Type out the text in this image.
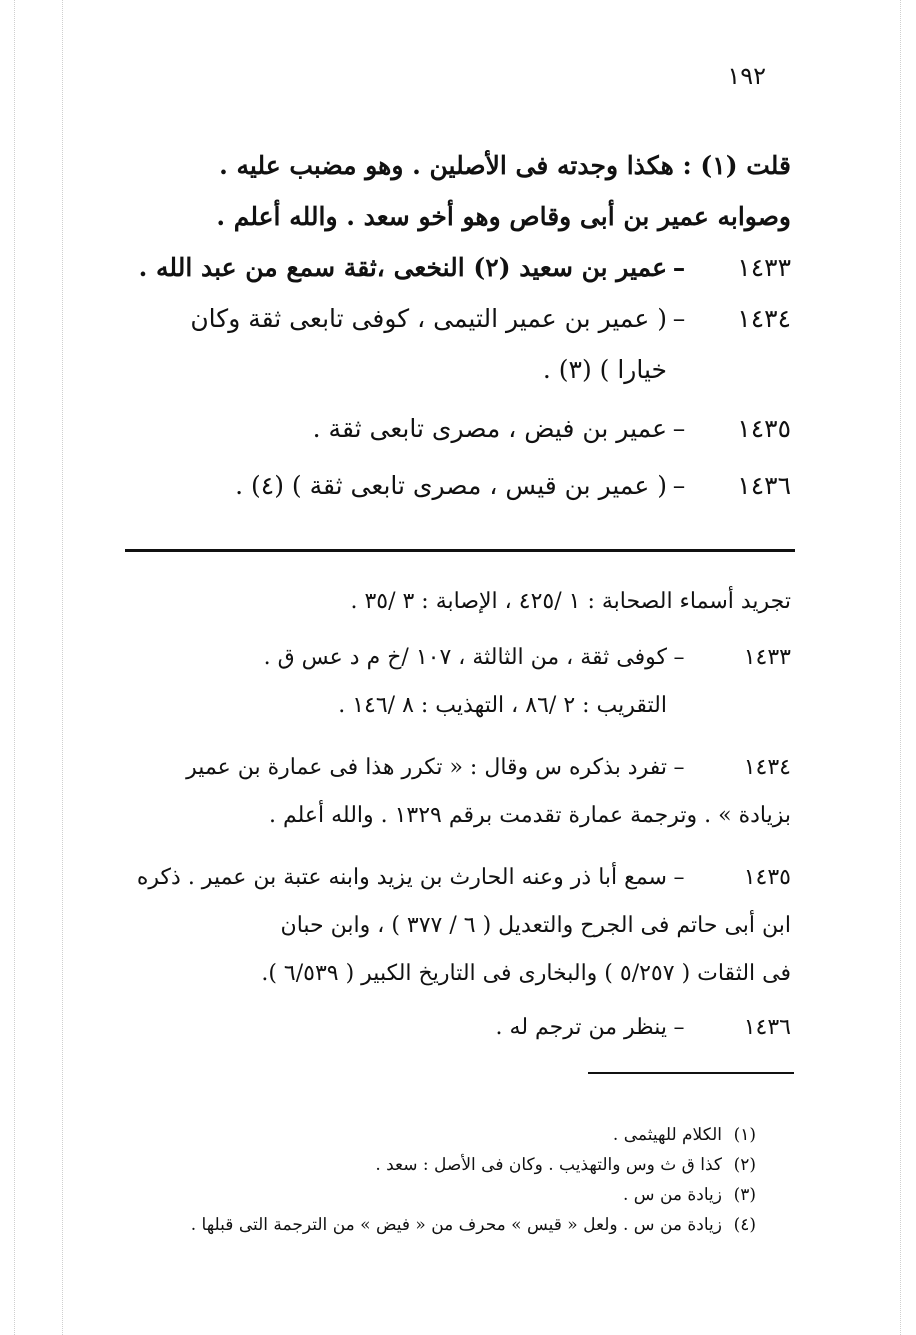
١٩٢
قلت (١) : هكذا وجدته فى الأصلين . وهو مضبب عليه .
وصوابه عمير بن أبى وقاص وهو أخو سعد . والله أعلم .
١٤٣٣–عمير بن سعيد (٢) النخعى ،ثقة سمع من عبد الله .
١٤٣٤–( عمير بن عمير التيمى ، كوفى تابعى ثقة وكان
خيارا ) (٣) .
١٤٣٥–عمير بن فيض ، مصرى تابعى ثقة .
١٤٣٦–( عمير بن قيس ، مصرى تابعى ثقة ) (٤) .
تجريد أسماء الصحابة : ١ /٤٢٥ ، الإصابة : ٣ /٣٥ .
١٤٣٣–كوفى ثقة ، من الثالثة ، ١٠٧ /خ م د عس ق .
التقريب : ٢ /٨٦ ، التهذيب : ٨ /١٤٦ .
١٤٣٤–تفرد بذكره س وقال : « تكرر هذا فى عمارة بن عمير
بزيادة » . وترجمة عمارة تقدمت برقم ١٣٢٩ . والله أعلم .
١٤٣٥–سمع أبا ذر وعنه الحارث بن يزيد وابنه عتبة بن عمير . ذكره
ابن أبى حاتم فى الجرح والتعديل ( ٦ / ٣٧٧ ) ، وابن حبان
فى الثقات ( ٥/٢٥٧ ) والبخارى فى التاريخ الكبير ( ٦/٥٣٩ ).
١٤٣٦–ينظر من ترجم له .
(١)الكلام للهيثمى .
(٢)كذا ق ث وس والتهذيب . وكان فى الأصل : سعد .
(٣)زيادة من س .
(٤)زيادة من س . ولعل « قيس » محرف من « فيض » من الترجمة التى قبلها .
